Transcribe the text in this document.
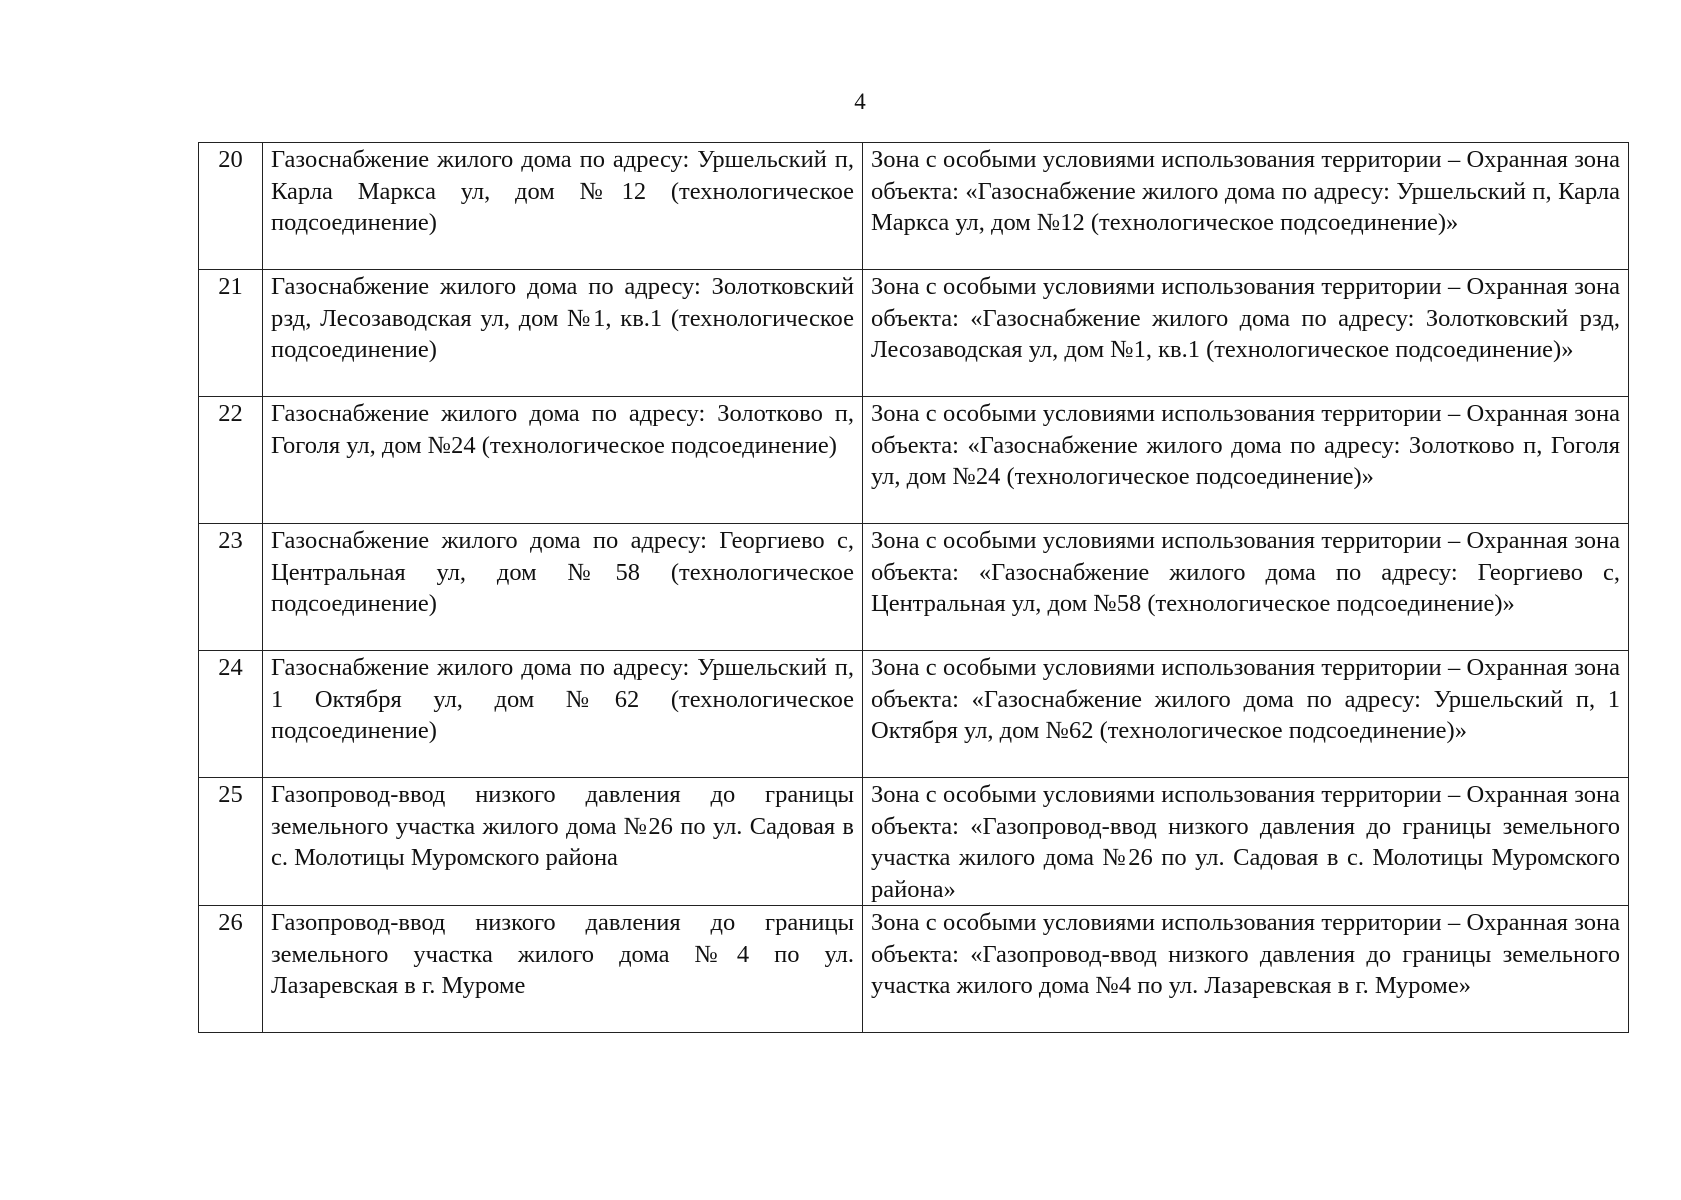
4
20	Газоснабжение жилого дома по адресу: Уршельский п, Карла Маркса ул, дом №12 (технологическое подсоединение)	Зона с особыми условиями использования территории – Охранная зона объекта: «Газоснабжение жилого дома по адресу: Уршельский п, Карла Маркса ул, дом №12 (технологическое подсоединение)»
21	Газоснабжение жилого дома по адресу: Золотковский рзд, Лесозаводская ул, дом №1, кв.1 (технологическое подсоединение)	Зона с особыми условиями использования территории – Охранная зона объекта: «Газоснабжение жилого дома по адресу: Золотковский рзд, Лесозаводская ул, дом №1, кв.1 (технологическое подсоединение)»
22	Газоснабжение жилого дома по адресу: Золотково п, Гоголя ул, дом №24 (технологическое подсоединение)	Зона с особыми условиями использования территории – Охранная зона объекта: «Газоснабжение жилого дома по адресу: Золотково п, Гоголя ул, дом №24 (технологическое подсоединение)»
23	Газоснабжение жилого дома по адресу: Георгиево с, Центральная ул, дом №58 (технологическое подсоединение)	Зона с особыми условиями использования территории – Охранная зона объекта: «Газоснабжение жилого дома по адресу: Георгиево с, Центральная ул, дом №58 (технологическое подсоединение)»
24	Газоснабжение жилого дома по адресу: Уршельский п, 1 Октября ул, дом №62 (технологическое подсоединение)	Зона с особыми условиями использования территории – Охранная зона объекта: «Газоснабжение жилого дома по адресу: Уршельский п, 1 Октября ул, дом №62 (технологическое подсоединение)»
25	Газопровод-ввод низкого давления до границы земельного участка жилого дома №26 по ул. Садовая в с. Молотицы Муромского района	Зона с особыми условиями использования территории – Охранная зона объекта: «Газопровод-ввод низкого давления до границы земельного участка жилого дома №26 по ул. Садовая в с. Молотицы Муромского района»
26	Газопровод-ввод низкого давления до границы земельного участка жилого дома №4 по ул. Лазаревская в г. Муроме	Зона с особыми условиями использования территории – Охранная зона объекта: «Газопровод-ввод низкого давления до границы земельного участка жилого дома №4 по ул. Лазаревская в г. Муроме»
